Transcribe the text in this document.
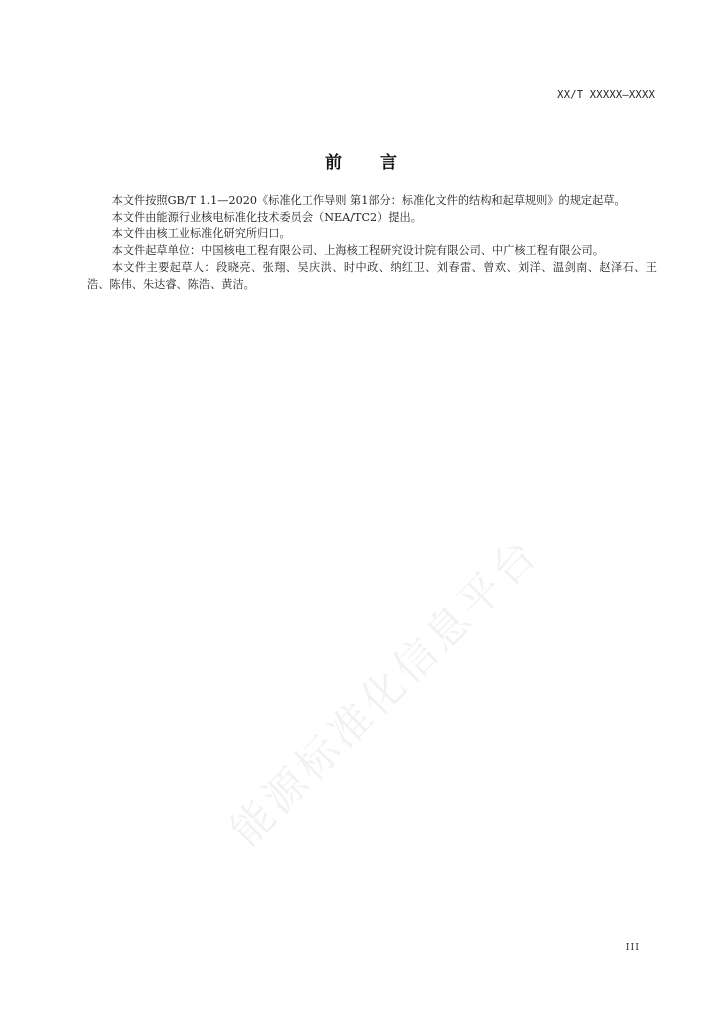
XX/T XXXXX—XXXX
前 言

本文件按照GB/T 1.1—2020《标准化工作导则 第1部分：标准化文件的结构和起草规则》的规定起草。

本文件由能源行业核电标准化技术委员会（NEA/TC2）提出。

本文件由核工业标准化研究所归口。

本文件起草单位：中国核电工程有限公司、上海核工程研究设计院有限公司、中广核工程有限公司。

本文件主要起草人：段晓亮、张翔、吴庆洪、时中政、纳红卫、刘春雷、曾欢、刘洋、温剑南、赵泽石、王浩、陈伟、朱达睿、陈浩、黄洁。

能源标准化信息平台
III
